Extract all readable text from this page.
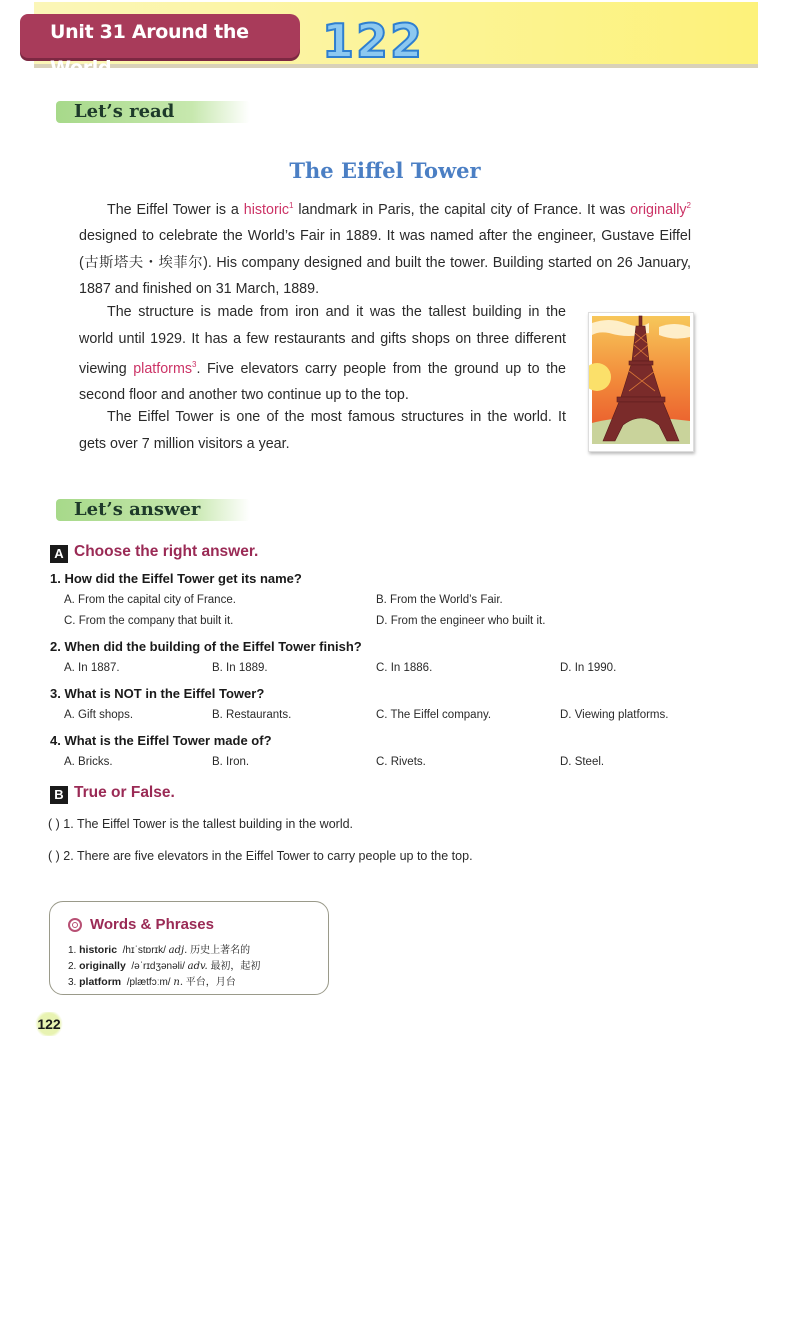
Unit 31 Around the World	122
Let’s read
The Eiffel Tower
The Eiffel Tower is a historic$^1$ landmark in Paris, the capital city of France. It was originally$^2$ designed to celebrate the World’s Fair in 1889. It was named after the engineer, Gustave Eiffel (古斯塔夫・埃菲尔). His company designed and built the tower. Building started on 26 January, 1887 and finished on 31 March, 1889.
The structure is made from iron and it was the tallest building in the world until 1929. It has a few restaurants and gifts shops on three different viewing platforms$^3$. Five elevators carry people from the ground up to the second floor and another two continue up to the top.
The Eiffel Tower is one of the most famous structures in the world. It gets over 7 million visitors a year.
Let’s answer
A Choose the right answer.
1. How did the Eiffel Tower get its name?
A. From the capital city of France.	B. From the World’s Fair.
C. From the company that built it.	D. From the engineer who built it.
2. When did the building of the Eiffel Tower finish?
A. In 1887.	B. In 1889.	C. In 1886.	D. In 1990.
3. What is NOT in the Eiffel Tower?
A. Gift shops.	B. Restaurants.	C. The Eiffel company.	D. Viewing platforms.
4. What is the Eiffel Tower made of?
A. Bricks.	B. Iron.	C. Rivets.	D. Steel.
B True or False.
( ) 1. The Eiffel Tower is the tallest building in the world.
( ) 2. There are five elevators in the Eiffel Tower to carry people up to the top.
Words & Phrases
1. historic /hɪˈstɒrɪk/ adj. 历史上著名的
2. originally /əˈrɪdʒənəli/ adv. 最初，起初
3. platform /plætfɔːm/ n. 平台，月台
122
